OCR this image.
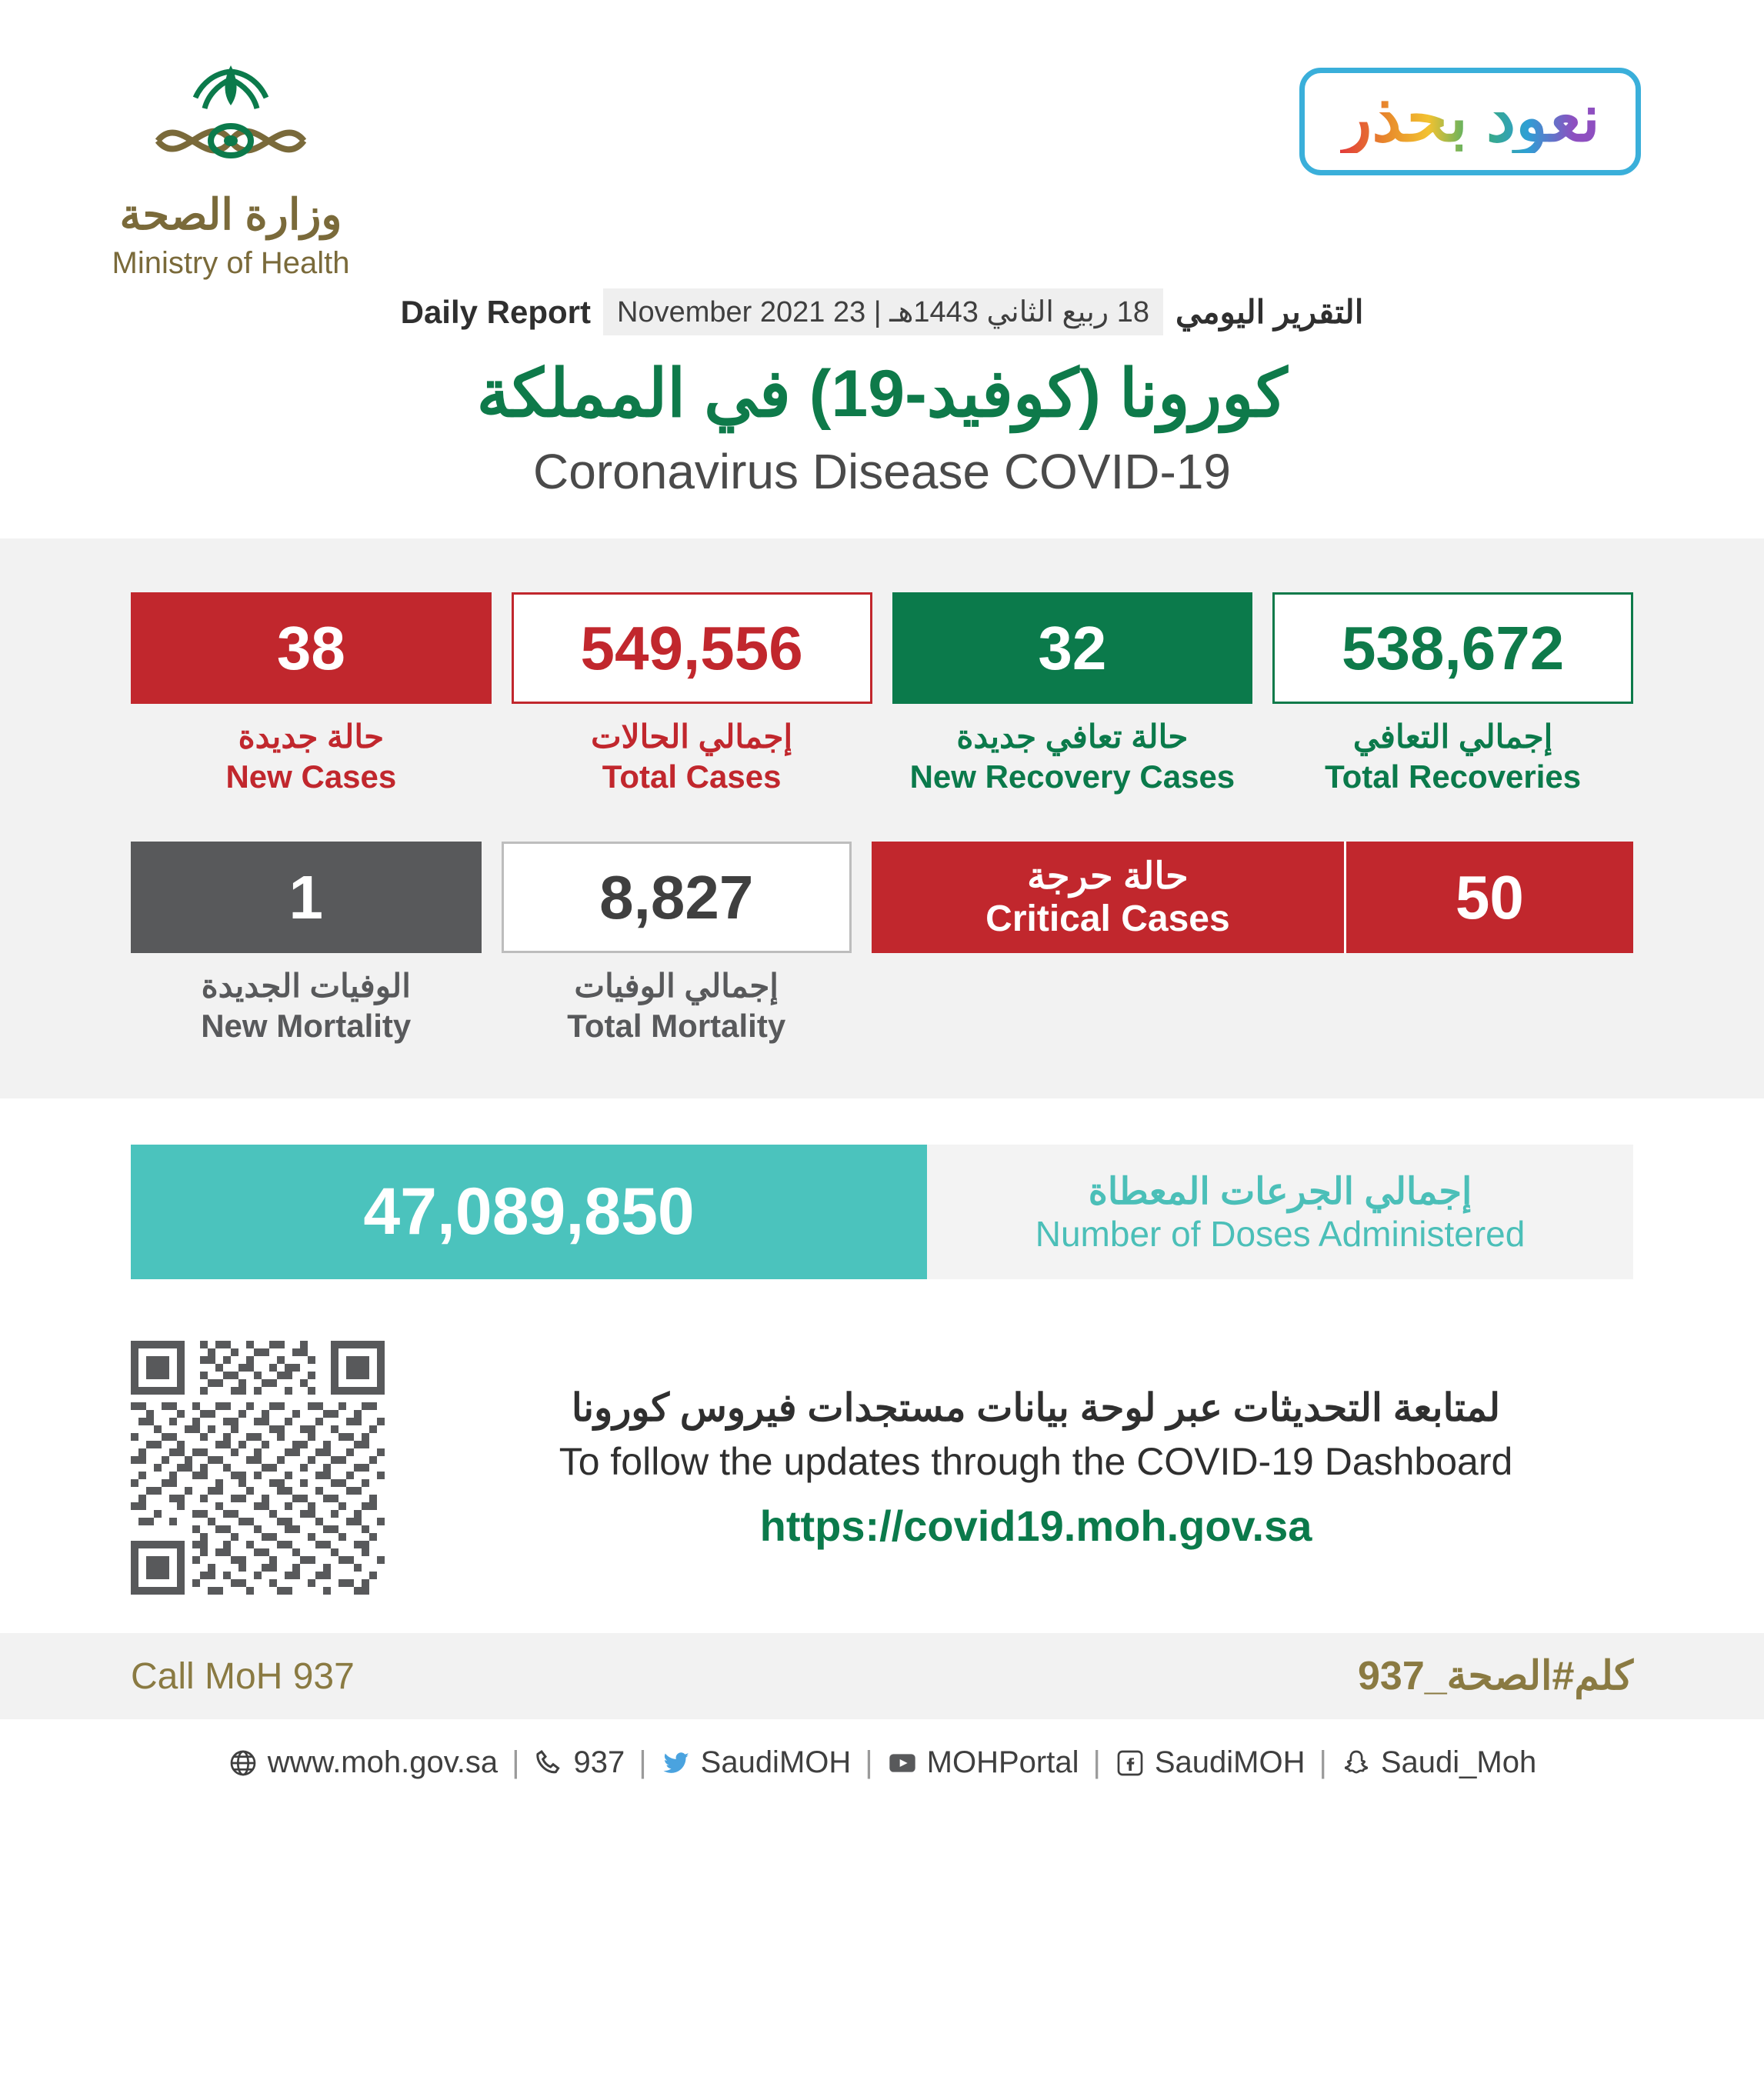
وزارة الصحة
Ministry of Health
نعود بحذر
التقرير اليومي
18 ربيع الثاني 1443هـ | 23 November 2021
Daily Report
كورونا (كوفيد-19) في المملكة
Coronavirus Disease COVID-19
538,672
إجمالي التعافي
Total Recoveries
32
حالة تعافي جديدة
New Recovery Cases
549,556
إجمالي الحالات
Total Cases
38
حالة جديدة
New Cases
50
حالة حرجة
Critical Cases
8,827
إجمالي الوفيات
Total Mortality
1
الوفيات الجديدة
New Mortality
إجمالي الجرعات المعطاة
Number of Doses Administered
47,089,850
لمتابعة التحديثات عبر لوحة بيانات مستجدات فيروس كورونا
To follow the updates through the COVID-19 Dashboard
https://covid19.moh.gov.sa
Call MoH 937	كلم#الصحة_937
www.moh.gov.sa | 937 | SaudiMOH | MOHPortal | SaudiMOH | Saudi_Moh
